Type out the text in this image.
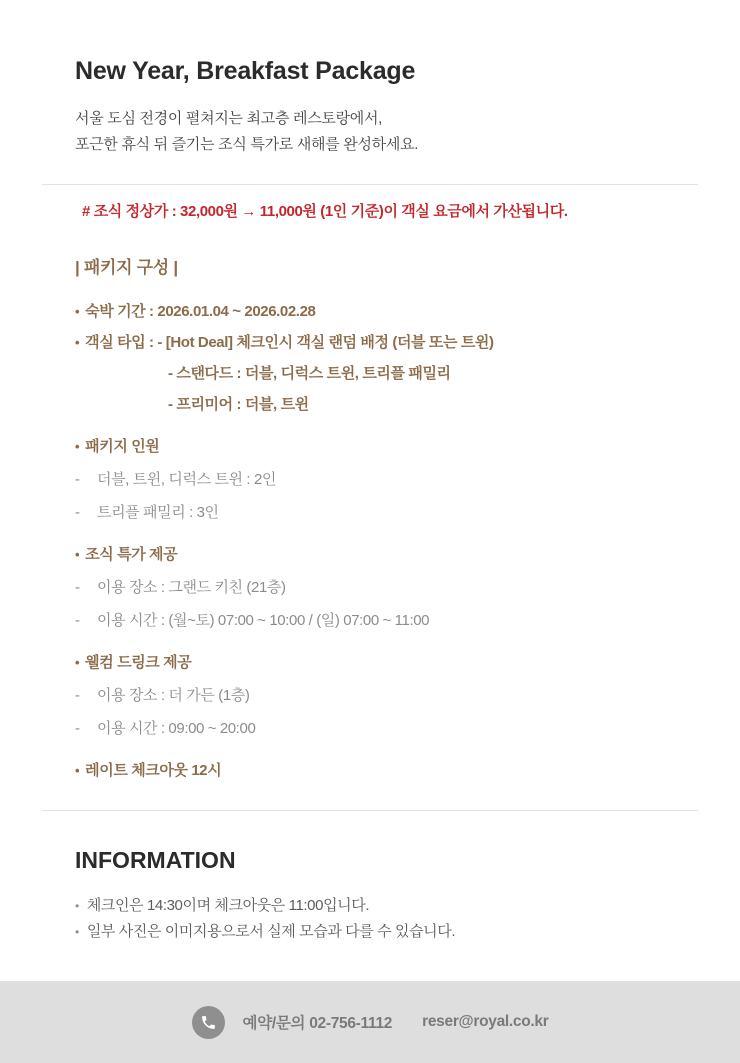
New Year, Breakfast Package
서울 도심 전경이 펼쳐지는 최고층 레스토랑에서,
포근한 휴식 뒤 즐기는 조식 특가로 새해를 완성하세요.
# 조식 정상가 : 32,000원 → 11,000원 (1인 기준)이 객실 요금에서 가산됩니다.
| 패키지 구성 |
• 숙박 기간 : 2026.01.04 ~ 2026.02.28
• 객실 타입 : - [Hot Deal] 체크인시 객실 랜덤 배정 (더블 또는 트윈)
- 스탠다드 : 더블, 디럭스 트윈, 트리플 패밀리
- 프리미어 : 더블, 트윈
• 패키지 인원
- 더블, 트윈, 디럭스 트윈 : 2인
- 트리플 패밀리 : 3인
• 조식 특가 제공
- 이용 장소 : 그랜드 키친 (21층)
- 이용 시간 : (월~토) 07:00 ~ 10:00 / (일) 07:00 ~ 11:00
• 웰컴 드링크 제공
- 이용 장소 : 더 가든 (1층)
- 이용 시간 : 09:00 ~ 20:00
• 레이트 체크아웃 12시
INFORMATION
• 체크인은 14:30이며 체크아웃은 11:00입니다.
• 일부 사진은 이미지용으로서 실제 모습과 다를 수 있습니다.
예약/문의 02-756-1112 reser@royal.co.kr
